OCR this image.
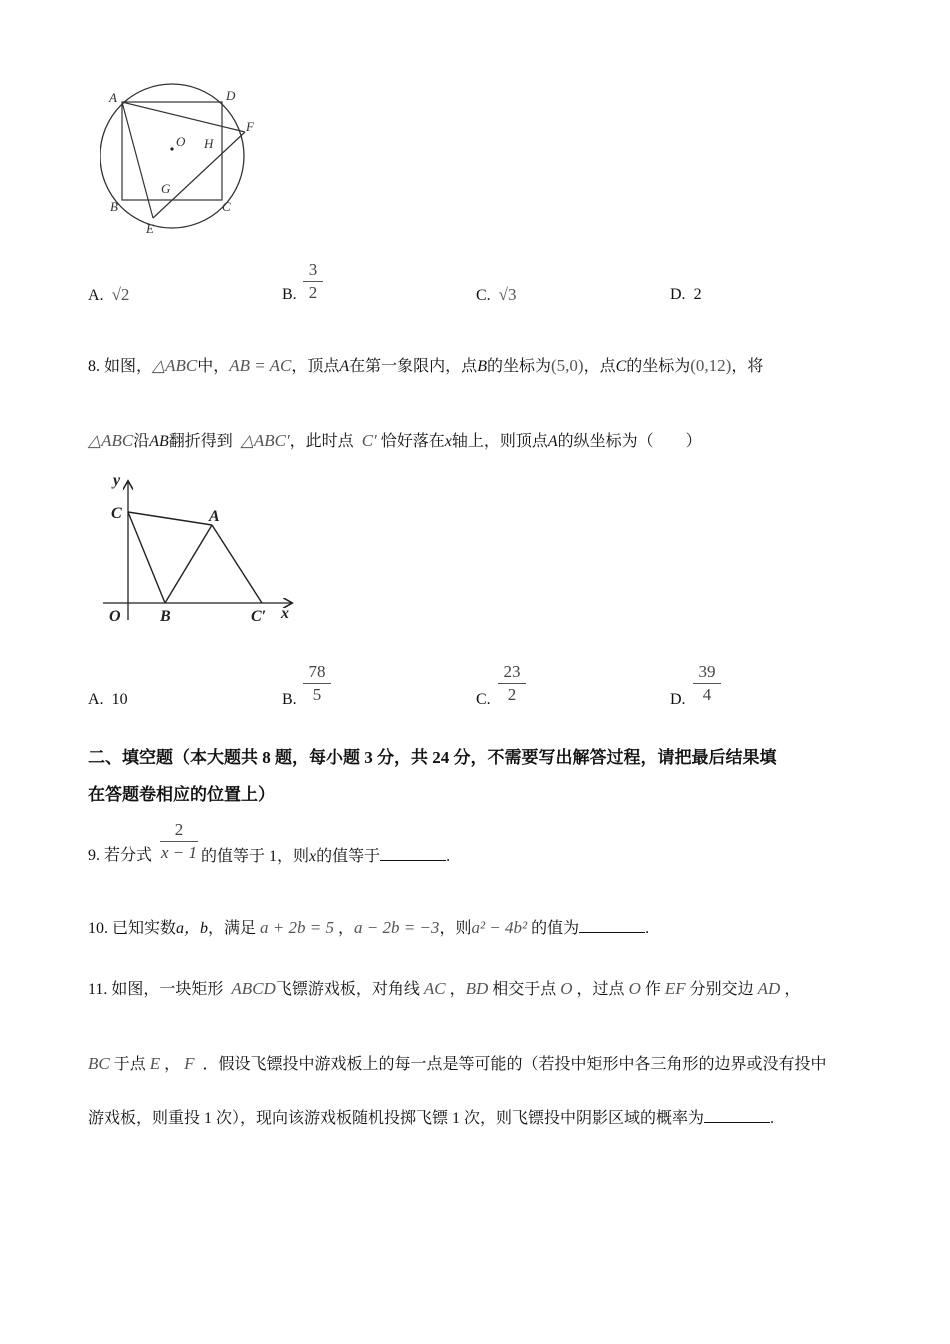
A	D
F
O H
G
B	C
E
A. √2	B.
3
2	C. √3	D. 2
8. 如图，△ABC中，AB = AC，顶点A在第一象限内，点B的坐标为(5,0)，点C的坐标为(0,12)，将
△ABC沿AB翻折得到 △ABC′，此时点 C′ 恰好落在x轴上，则顶点A的纵坐标为（　　）
y
x
C	A
O B	C′
A. 10	B.
78
5	C.
23
2	D.
39
4
二、填空题（本大题共 8 题，每小题 3 分，共 24 分，不需要写出解答过程，请把最后结果填
在答题卷相应的位置上）
9. 若分式
2
x − 1 的值等于 1，则x的值等于	.
10. 已知实数a，b，满足 a + 2b = 5 ，a − 2b = −3，则a² − 4b² 的值为	.
11. 如图，一块矩形 ABCD飞镖游戏板，对角线 AC ，BD 相交于点 O ，过点 O 作 EF 分别交边 AD ，
BC 于点 E ， F ．假设飞镖投中游戏板上的每一点是等可能的（若投中矩形中各三角形的边界或没有投中
游戏板，则重投 1 次），现向该游戏板随机投掷飞镖 1 次，则飞镖投中阴影区域的概率为	.
